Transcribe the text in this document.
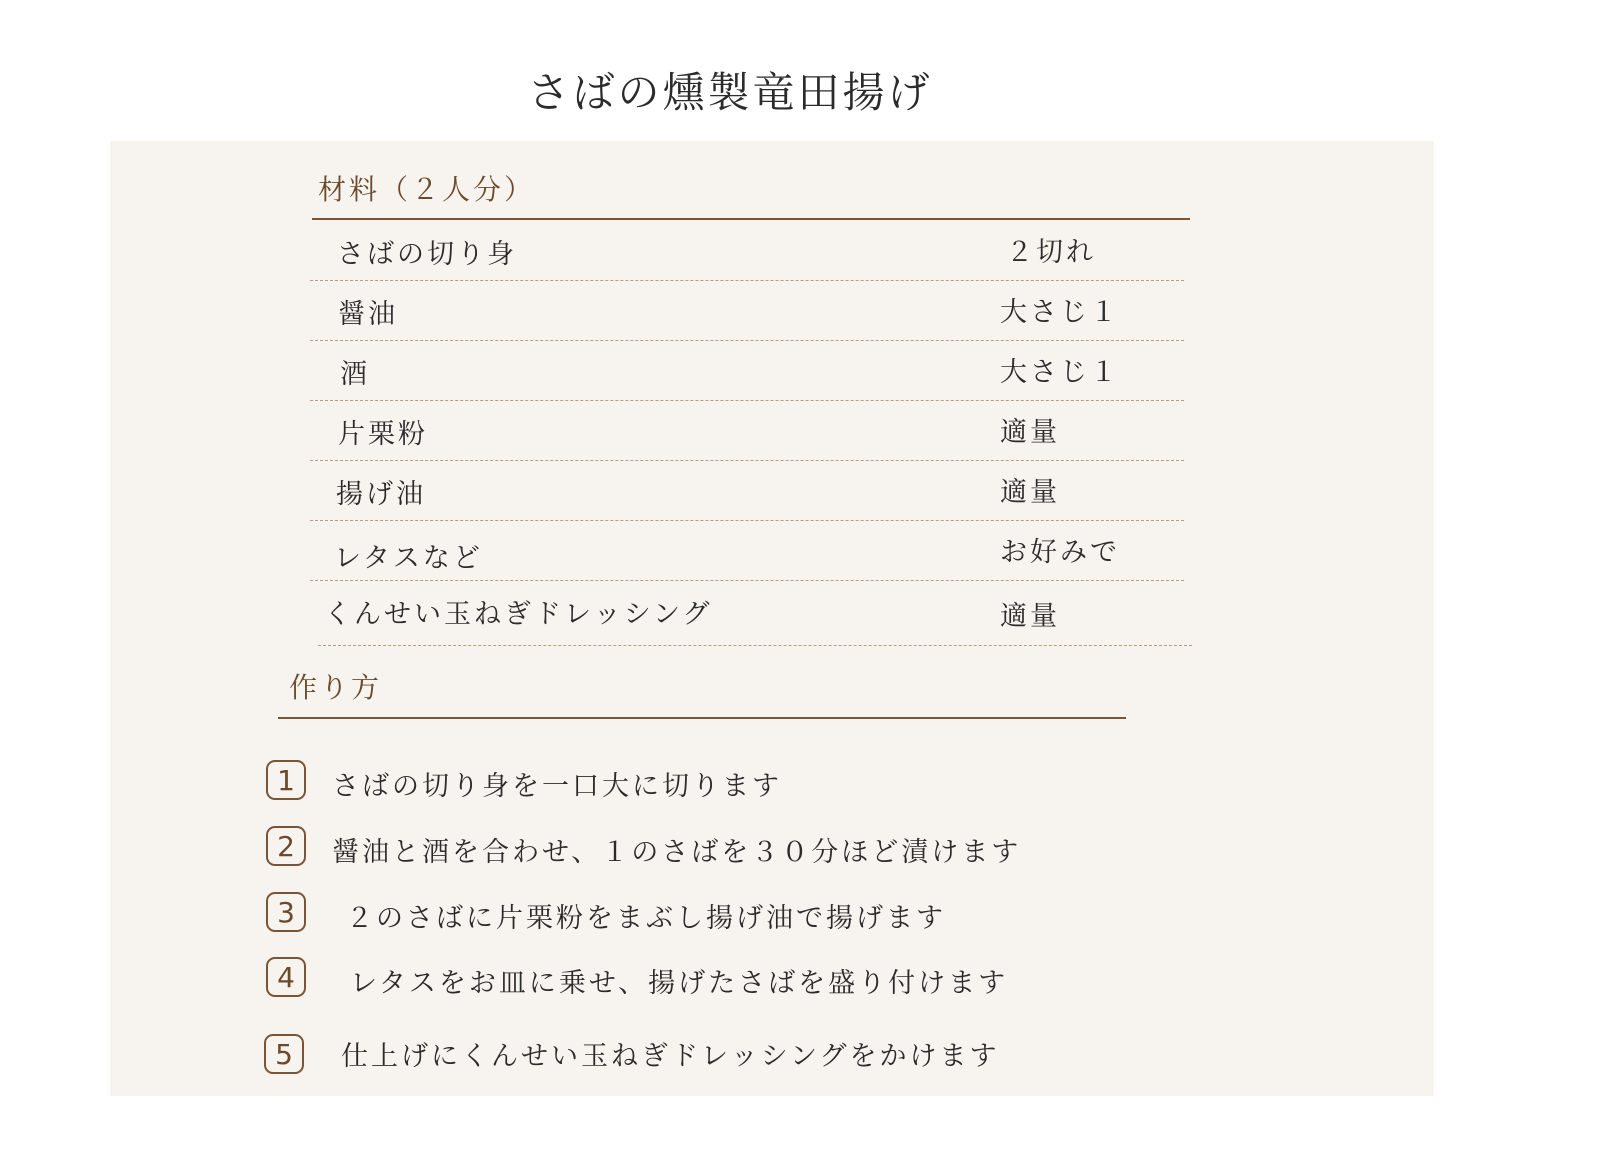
さばの燻製竜田揚げ
材料（２人分）
さばの切り身	２切れ
醤油	大さじ１
酒	大さじ１
片栗粉	適量
揚げ油	適量
レタスなど	お好みで
くんせい玉ねぎドレッシング	適量
作り方
1	さばの切り身を一口大に切ります
2	醤油と酒を合わせ、１のさばを３０分ほど漬けます
3	２のさばに片栗粉をまぶし揚げ油で揚げます
4	レタスをお皿に乗せ、揚げたさばを盛り付けます
5	仕上げにくんせい玉ねぎドレッシングをかけます
